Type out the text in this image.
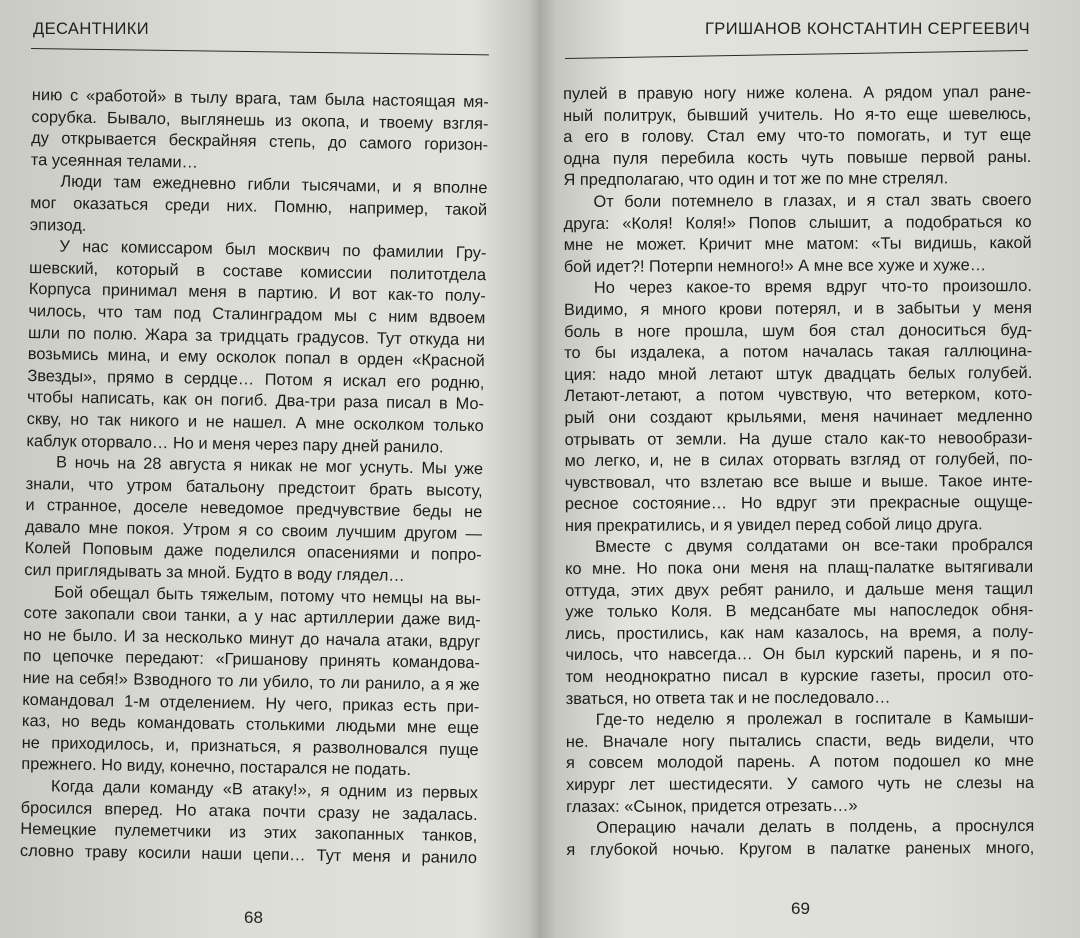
ДЕСАНТНИКИ
нию с «работой» в тылу врага, там была настоящая мя-
сорубка. Бывало, выглянешь из окопа, и твоему взгля-
ду открывается бескрайняя степь, до самого горизон-
та усеянная телами…
Люди там ежедневно гибли тысячами, и я вполне
мог оказаться среди них. Помню, например, такой
эпизод.
У нас комиссаром был москвич по фамилии Гру-
шевский, который в составе комиссии политотдела
Корпуса принимал меня в партию. И вот как-то полу-
чилось, что там под Сталинградом мы с ним вдвоем
шли по полю. Жара за тридцать градусов. Тут откуда ни
возьмись мина, и ему осколок попал в орден «Красной
Звезды», прямо в сердце… Потом я искал его родню,
чтобы написать, как он погиб. Два-три раза писал в Мо-
скву, но так никого и не нашел. А мне осколком только
каблук оторвало… Но и меня через пару дней ранило.
В ночь на 28 августа я никак не мог уснуть. Мы уже
знали, что утром батальону предстоит брать высоту,
и странное, доселе неведомое предчувствие беды не
давало мне покоя. Утром я со своим лучшим другом —
Колей Поповым даже поделился опасениями и попро-
сил приглядывать за мной. Будто в воду глядел…
Бой обещал быть тяжелым, потому что немцы на вы-
соте закопали свои танки, а у нас артиллерии даже вид-
но не было. И за несколько минут до начала атаки, вдруг
по цепочке передают: «Гришанову принять командова-
ние на себя!» Взводного то ли убило, то ли ранило, а я же
командовал 1-м отделением. Ну чего, приказ есть при-
каз, но ведь командовать столькими людьми мне еще
не приходилось, и, признаться, я разволновался пуще
прежнего. Но виду, конечно, постарался не подать.
Когда дали команду «В атаку!», я одним из первых
бросился вперед. Но атака почти сразу не задалась.
Немецкие пулеметчики из этих закопанных танков,
словно траву косили наши цепи… Тут меня и ранило
68
ГРИШАНОВ КОНСТАНТИН СЕРГЕЕВИЧ
пулей в правую ногу ниже колена. А рядом упал ране-
ный политрук, бывший учитель. Но я-то еще шевелюсь,
а его в голову. Стал ему что-то помогать, и тут еще
одна пуля перебила кость чуть повыше первой раны.
Я предполагаю, что один и тот же по мне стрелял.
От боли потемнело в глазах, и я стал звать своего
друга: «Коля! Коля!» Попов слышит, а подобраться ко
мне не может. Кричит мне матом: «Ты видишь, какой
бой идет?! Потерпи немного!» А мне все хуже и хуже…
Но через какое-то время вдруг что-то произошло.
Видимо, я много крови потерял, и в забытьи у меня
боль в ноге прошла, шум боя стал доноситься буд-
то бы издалека, а потом началась такая галлюцина-
ция: надо мной летают штук двадцать белых голубей.
Летают-летают, а потом чувствую, что ветерком, кото-
рый они создают крыльями, меня начинает медленно
отрывать от земли. На душе стало как-то невообрази-
мо легко, и, не в силах оторвать взгляд от голубей, по-
чувствовал, что взлетаю все выше и выше. Такое инте-
ресное состояние… Но вдруг эти прекрасные ощуще-
ния прекратились, и я увидел перед собой лицо друга.
Вместе с двумя солдатами он все-таки пробрался
ко мне. Но пока они меня на плащ-палатке вытягивали
оттуда, этих двух ребят ранило, и дальше меня тащил
уже только Коля. В медсанбате мы напоследок обня-
лись, простились, как нам казалось, на время, а полу-
чилось, что навсегда… Он был курский парень, и я по-
том неоднократно писал в курские газеты, просил ото-
зваться, но ответа так и не последовало…
Где-то неделю я пролежал в госпитале в Камыши-
не. Вначале ногу пытались спасти, ведь видели, что
я совсем молодой парень. А потом подошел ко мне
хирург лет шестидесяти. У самого чуть не слезы на
глазах: «Сынок, придется отрезать…»
Операцию начали делать в полдень, а проснулся
я глубокой ночью. Кругом в палатке раненых много,
69
